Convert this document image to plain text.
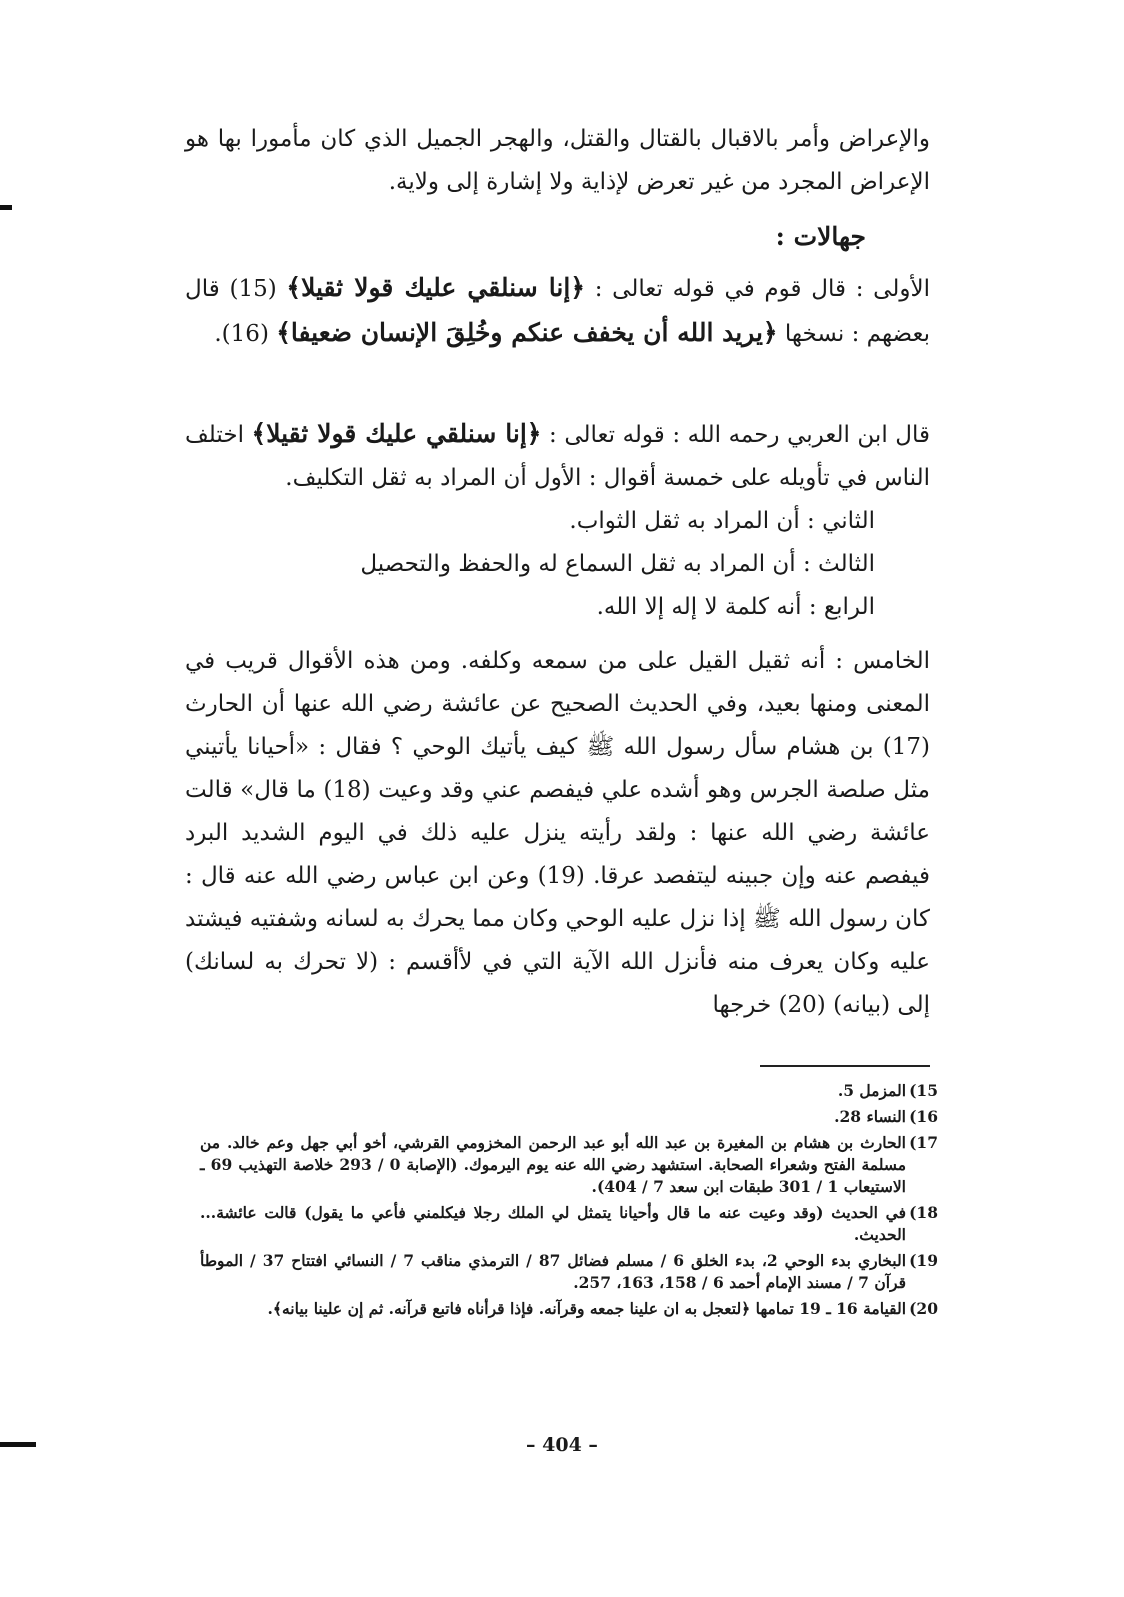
والإعراض وأمر بالاقبال بالقتال والقتل، والهجر الجميل الذي كان مأمورا بها هو الإعراض المجرد من غير تعرض لإذاية ولا إشارة إلى ولاية.

جهالات :

الأولى : قال قوم في قوله تعالى : ﴿إنا سنلقي عليك قولا ثقيلا﴾ (15) قال بعضهم : نسخها ﴿يريد الله أن يخفف عنكم وخُلِقَ الإنسان ضعيفا﴾ (16).

قال ابن العربي رحمه الله : قوله تعالى : ﴿إنا سنلقي عليك قولا ثقيلا﴾ اختلف الناس في تأويله على خمسة أقوال : الأول أن المراد به ثقل التكليف.

الثاني : أن المراد به ثقل الثواب.

الثالث : أن المراد به ثقل السماع له والحفظ والتحصيل

الرابع : أنه كلمة لا إله إلا الله.

الخامس : أنه ثقيل القيل على من سمعه وكلفه. ومن هذه الأقوال قريب في المعنى ومنها بعيد، وفي الحديث الصحيح عن عائشة رضي الله عنها أن الحارث (17) بن هشام سأل رسول الله ﷺ كيف يأتيك الوحي ؟ فقال : «أحيانا يأتيني مثل صلصة الجرس وهو أشده علي فيفصم عني وقد وعيت (18) ما قال» قالت عائشة رضي الله عنها : ولقد رأيته ينزل عليه ذلك في اليوم الشديد البرد فيفصم عنه وإن جبينه ليتفصد عرقا. (19) وعن ابن عباس رضي الله عنه قال : كان رسول الله ﷺ إذا نزل عليه الوحي وكان مما يحرك به لسانه وشفتيه فيشتد عليه وكان يعرف منه فأنزل الله الآية التي في لأأقسم : (لا تحرك به لسانك) إلى (بيانه) (20) خرجها

15)
المزمل 5.
16)
النساء 28.
17)
الحارث بن هشام بن المغيرة بن عبد الله أبو عبد الرحمن المخزومي القرشي، أخو أبي جهل وعم خالد. من مسلمة الفتح وشعراء الصحابة. استشهد رضي الله عنه يوم اليرموك. (الإصابة 0 / 293 خلاصة التهذيب 69 ـ الاستيعاب 1 / 301 طبقات ابن سعد 7 / 404).
18)
في الحديث (وقد وعيت عنه ما قال وأحيانا يتمثل لي الملك رجلا فيكلمني فأعي ما يقول) قالت عائشة... الحديث.
19)
البخاري بدء الوحي 2، بدء الخلق 6 / مسلم فضائل 87 / الترمذي مناقب 7 / النسائي افتتاح 37 / الموطأ قرآن 7 / مسند الإمام أحمد 6 / 158، 163، 257.
20)
القيامة 16 ـ 19 تمامها ﴿لتعجل به ان علينا جمعه وقرآنه. فإذا قرأناه فاتبع قرآنه. ثم إن علينا بيانه﴾.
– 404 –
